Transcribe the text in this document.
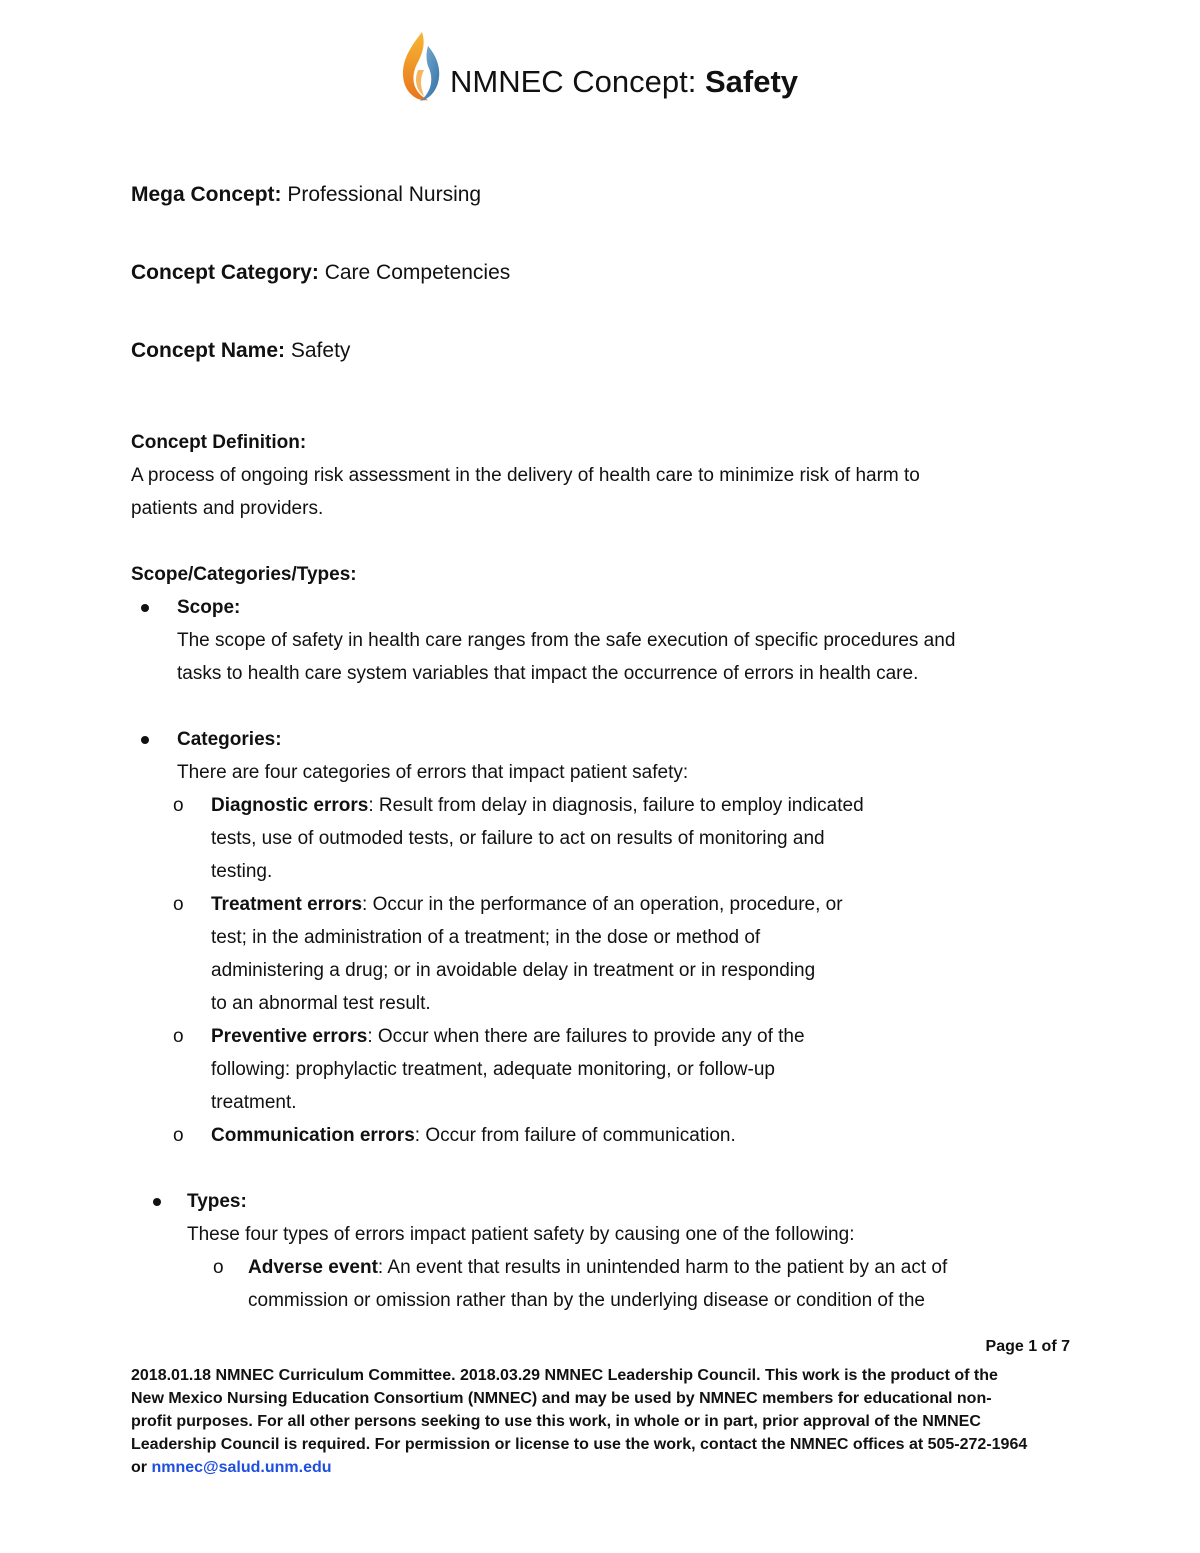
NMNEC Concept: Safety
Mega Concept: Professional Nursing
Concept Category: Care Competencies
Concept Name: Safety
Concept Definition:
A process of ongoing risk assessment in the delivery of health care to minimize risk of harm to
patients and providers.
Scope/Categories/Types:
Scope:
The scope of safety in health care ranges from the safe execution of specific procedures and
tasks to health care system variables that impact the occurrence of errors in health care.
Categories:
There are four categories of errors that impact patient safety:
o Diagnostic errors: Result from delay in diagnosis, failure to employ indicated
tests, use of outmoded tests, or failure to act on results of monitoring and
testing.
o Treatment errors: Occur in the performance of an operation, procedure, or
test; in the administration of a treatment; in the dose or method of
administering a drug; or in avoidable delay in treatment or in responding
to an abnormal test result.
o Preventive errors: Occur when there are failures to provide any of the
following: prophylactic treatment, adequate monitoring, or follow-up
treatment.
o Communication errors: Occur from failure of communication.
Types:
These four types of errors impact patient safety by causing one of the following:
o Adverse event: An event that results in unintended harm to the patient by an act of
commission or omission rather than by the underlying disease or condition of the
Page 1 of 7
2018.01.18 NMNEC Curriculum Committee. 2018.03.29 NMNEC Leadership Council. This work is the product of the
New Mexico Nursing Education Consortium (NMNEC) and may be used by NMNEC members for educational non-
profit purposes. For all other persons seeking to use this work, in whole or in part, prior approval of the NMNEC
Leadership Council is required. For permission or license to use the work, contact the NMNEC offices at 505-272-1964
or nmnec@salud.unm.edu
